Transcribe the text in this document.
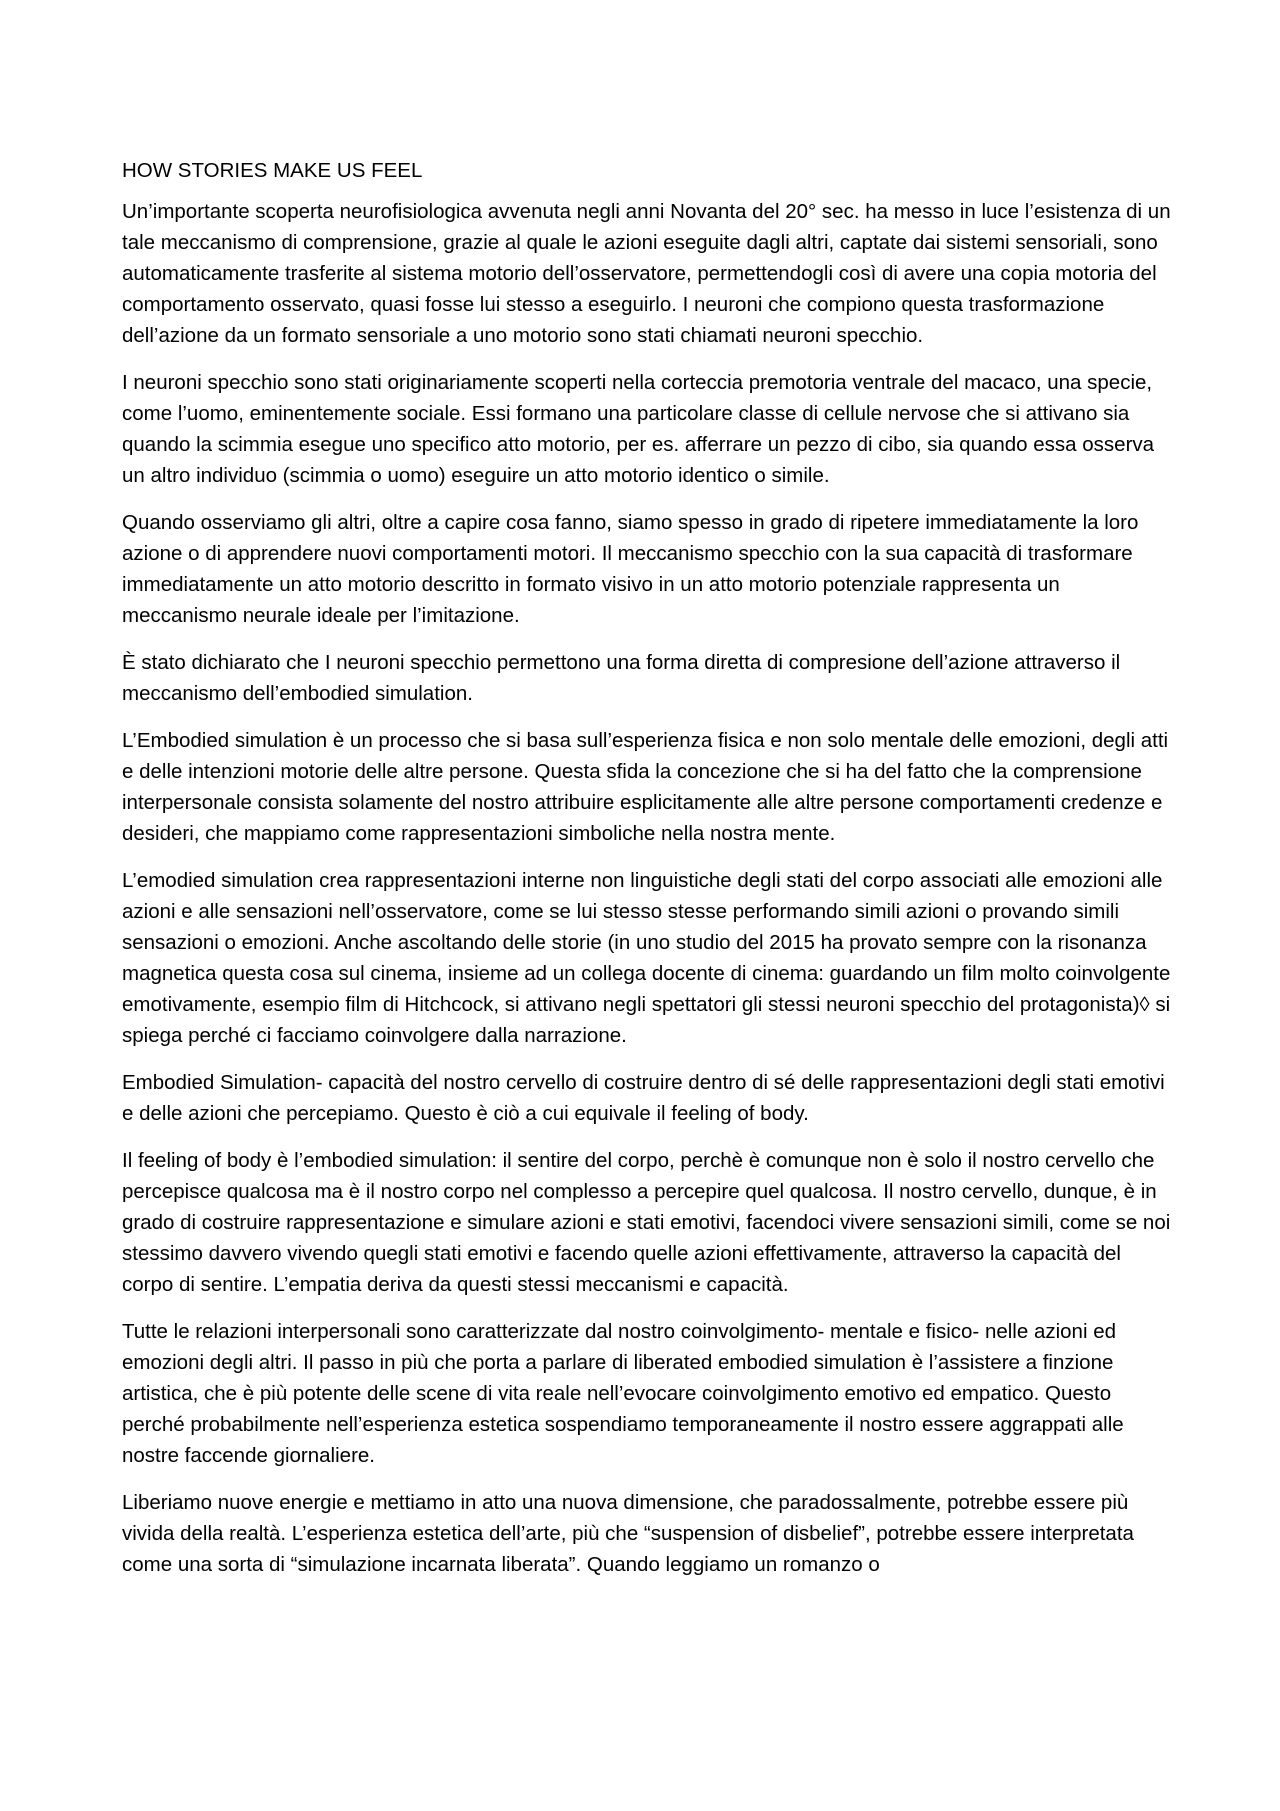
HOW STORIES MAKE US FEEL

Un’importante scoperta neurofisiologica avvenuta negli anni Novanta del 20° sec. ha messo in luce l’esistenza di un tale meccanismo di comprensione, grazie al quale le azioni eseguite dagli altri, captate dai sistemi sensoriali, sono automaticamente trasferite al sistema motorio dell’osservatore, permettendogli così di avere una copia motoria del comportamento osservato, quasi fosse lui stesso a eseguirlo. I neuroni che compiono questa trasformazione dell’azione da un formato sensoriale a uno motorio sono stati chiamati neuroni specchio.

I neuroni specchio sono stati originariamente scoperti nella corteccia premotoria ventrale del macaco, una specie, come l’uomo, eminentemente sociale. Essi formano una particolare classe di cellule nervose che si attivano sia quando la scimmia esegue uno specifico atto motorio, per es. afferrare un pezzo di cibo, sia quando essa osserva un altro individuo (scimmia o uomo) eseguire un atto motorio identico o simile.

Quando osserviamo gli altri, oltre a capire cosa fanno, siamo spesso in grado di ripetere immediatamente la loro azione o di apprendere nuovi comportamenti motori. Il meccanismo specchio con la sua capacità di trasformare immediatamente un atto motorio descritto in formato visivo in un atto motorio potenziale rappresenta un meccanismo neurale ideale per l’imitazione.

È stato dichiarato che I neuroni specchio permettono una forma diretta di compresione dell’azione attraverso il meccanismo dell’embodied simulation.

L’Embodied simulation è un processo che si basa sull’esperienza fisica e non solo mentale delle emozioni, degli atti e delle intenzioni motorie delle altre persone. Questa sfida la concezione che si ha del fatto che la comprensione interpersonale consista solamente del nostro attribuire esplicitamente alle altre persone comportamenti credenze e desideri, che mappiamo come rappresentazioni simboliche nella nostra mente.

L’emodied simulation crea rappresentazioni interne non linguistiche degli stati del corpo associati alle emozioni alle azioni e alle sensazioni nell’osservatore, come se lui stesso stesse performando simili azioni o provando simili sensazioni o emozioni. Anche ascoltando delle storie (in uno studio del 2015 ha provato sempre con la risonanza magnetica questa cosa sul cinema, insieme ad un collega docente di cinema: guardando un film molto coinvolgente emotivamente, esempio film di Hitchcock, si attivano negli spettatori gli stessi neuroni specchio del protagonista)◊ si spiega perché ci facciamo coinvolgere dalla narrazione.

Embodied Simulation- capacità del nostro cervello di costruire dentro di sé delle rappresentazioni degli stati emotivi e delle azioni che percepiamo. Questo è ciò a cui equivale il feeling of body.

Il feeling of body è l’embodied simulation: il sentire del corpo, perchè è comunque non è solo il nostro cervello che percepisce qualcosa ma è il nostro corpo nel complesso a percepire quel qualcosa. Il nostro cervello, dunque, è in grado di costruire rappresentazione e simulare azioni e stati emotivi, facendoci vivere sensazioni simili, come se noi stessimo davvero vivendo quegli stati emotivi e facendo quelle azioni effettivamente, attraverso la capacità del corpo di sentire. L’empatia deriva da questi stessi meccanismi e capacità.

Tutte le relazioni interpersonali sono caratterizzate dal nostro coinvolgimento- mentale e fisico- nelle azioni ed emozioni degli altri. Il passo in più che porta a parlare di liberated embodied simulation è l’assistere a finzione artistica, che è più potente delle scene di vita reale nell’evocare coinvolgimento emotivo ed empatico. Questo perché probabilmente nell’esperienza estetica sospendiamo temporaneamente il nostro essere aggrappati alle nostre faccende giornaliere.

Liberiamo nuove energie e mettiamo in atto una nuova dimensione, che paradossalmente, potrebbe essere più vivida della realtà. L’esperienza estetica dell’arte, più che “suspension of disbelief”, potrebbe essere interpretata come una sorta di “simulazione incarnata liberata”. Quando leggiamo un romanzo o
